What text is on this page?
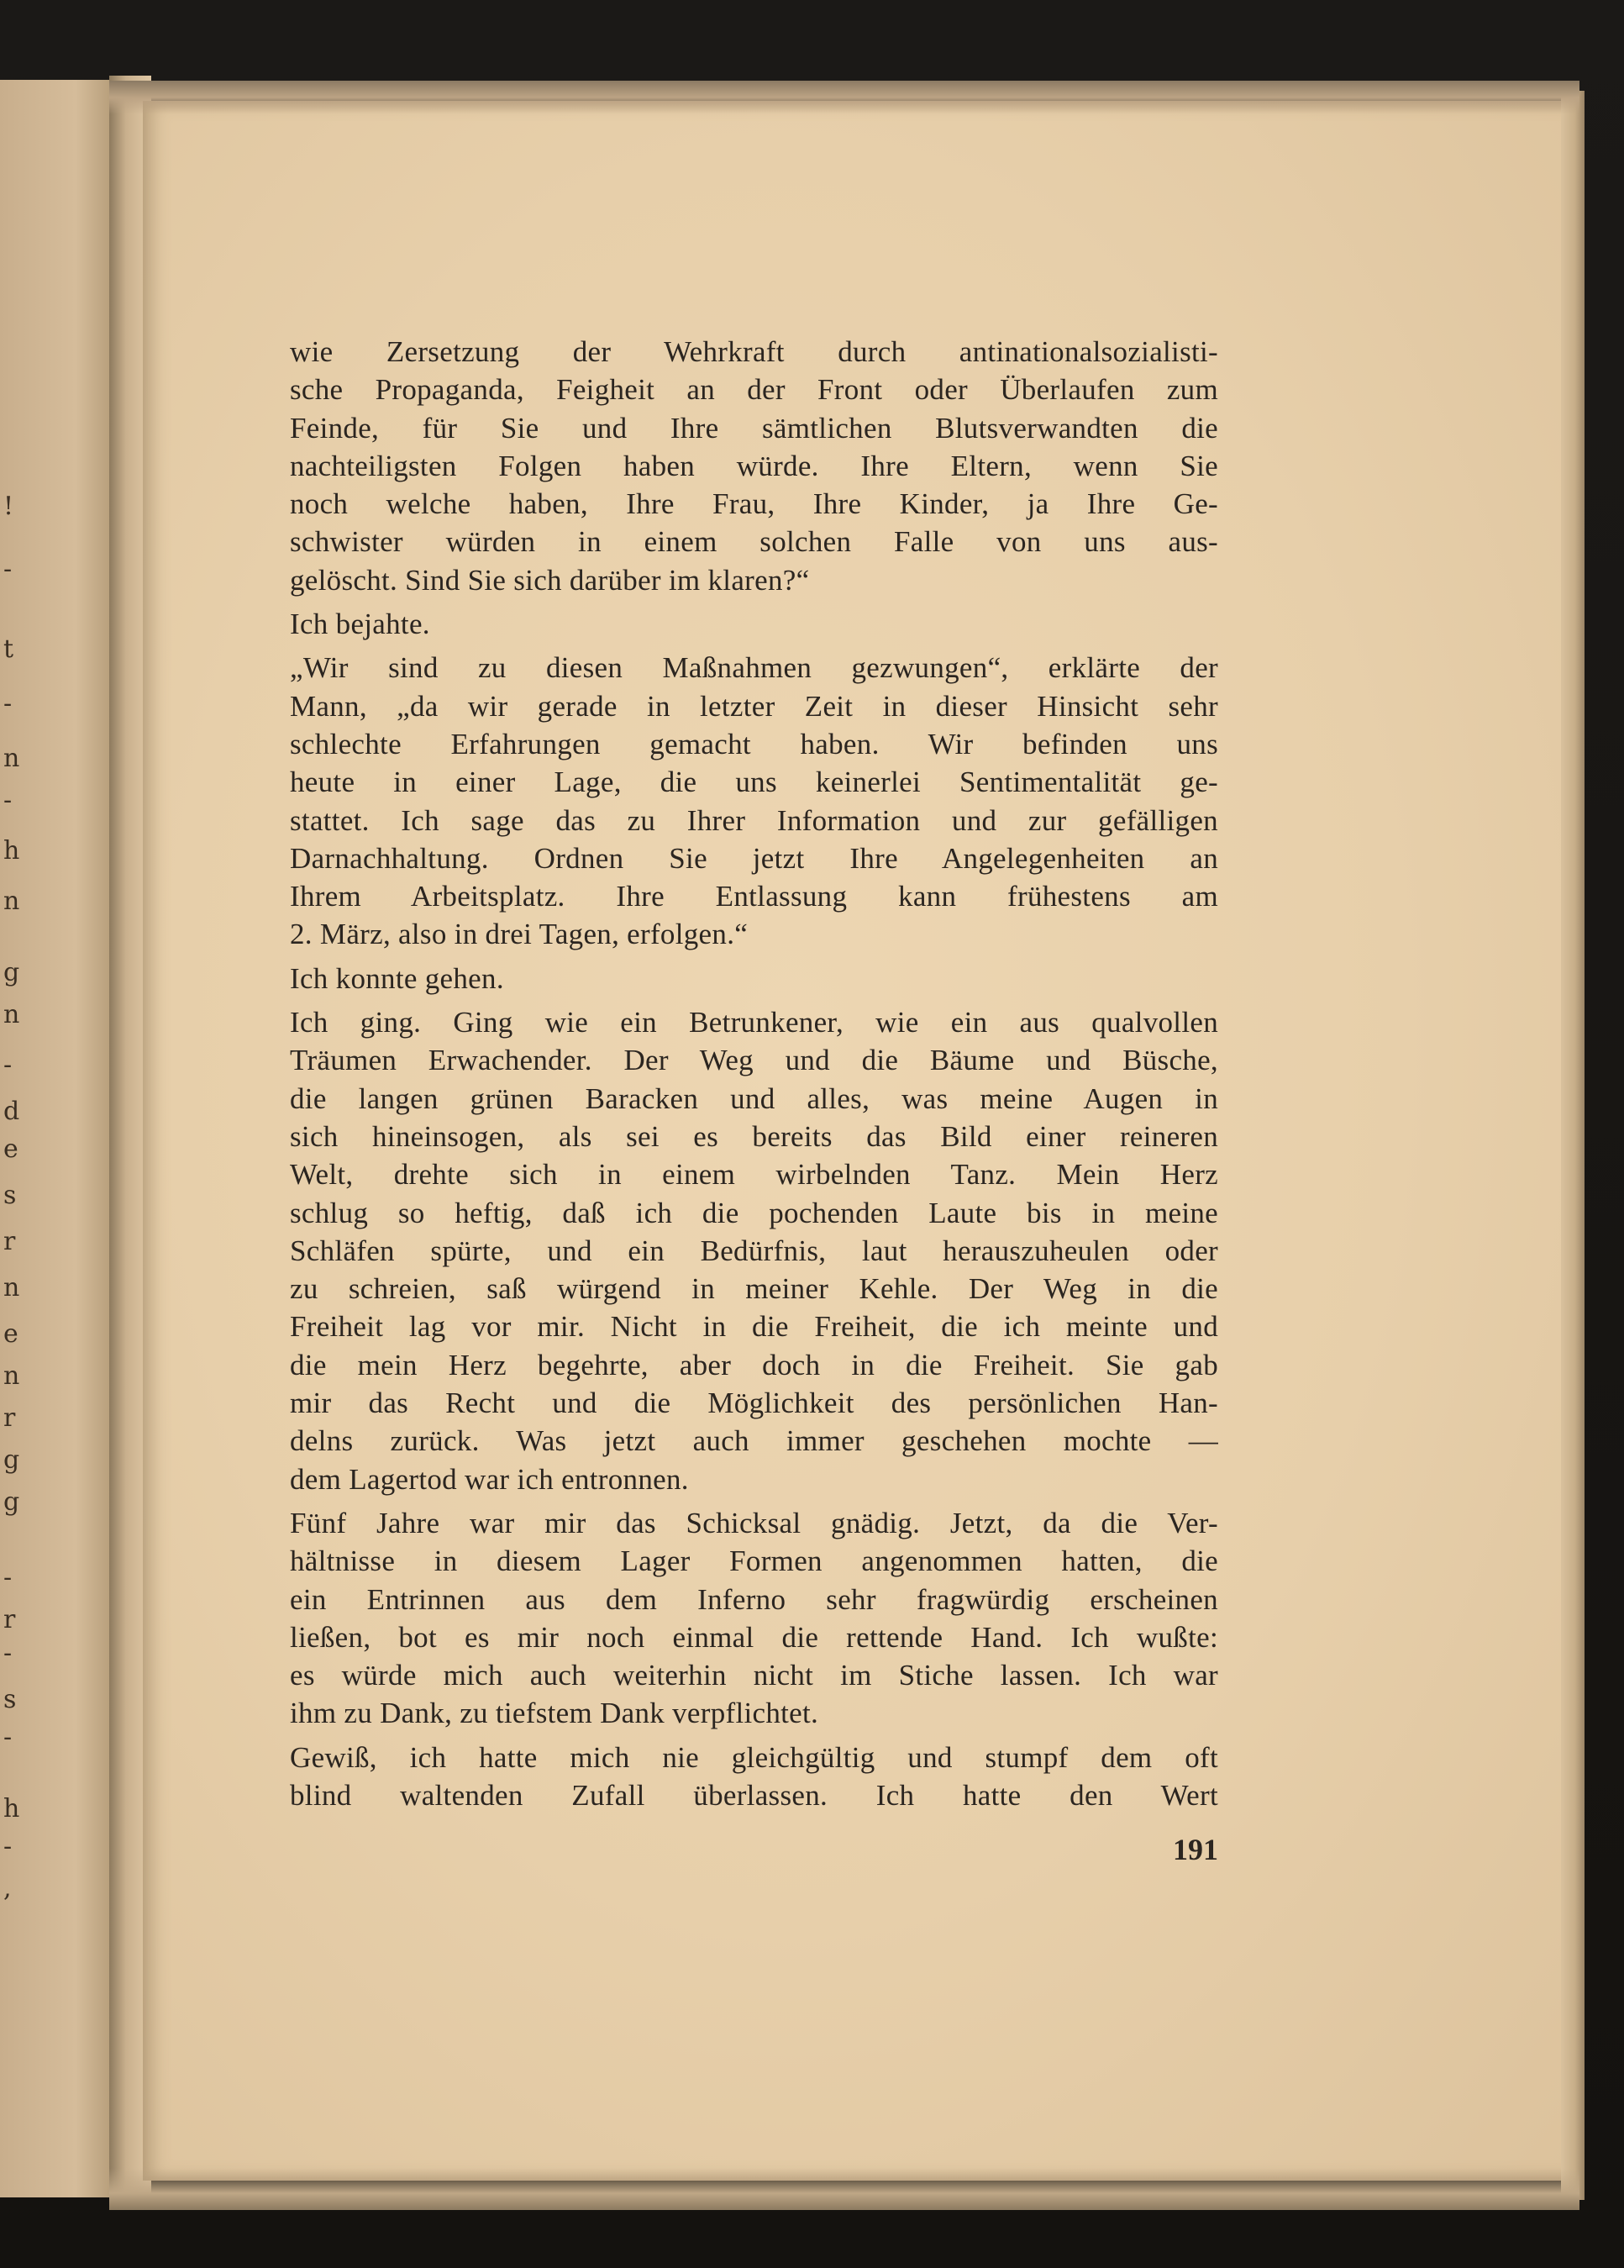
!
-
t
-
n
-
h
n
g
n
-
d
e
s
r
n
e
n
r
g
g
-
r
-
s
-
h
-
,
wie Zersetzung der Wehrkraft durch antinationalsozialisti-
sche Propaganda, Feigheit an der Front oder Überlaufen zum
Feinde, für Sie und Ihre sämtlichen Blutsverwandten die
nachteiligsten Folgen haben würde. Ihre Eltern, wenn Sie
noch welche haben, Ihre Frau, Ihre Kinder, ja Ihre Ge-
schwister würden in einem solchen Falle von uns aus-
gelöscht. Sind Sie sich darüber im klaren?“
Ich bejahte.
„Wir sind zu diesen Maßnahmen gezwungen“, erklärte der
Mann, „da wir gerade in letzter Zeit in dieser Hinsicht sehr
schlechte Erfahrungen gemacht haben. Wir befinden uns
heute in einer Lage, die uns keinerlei Sentimentalität ge-
stattet. Ich sage das zu Ihrer Information und zur gefälligen
Darnachhaltung. Ordnen Sie jetzt Ihre Angelegenheiten an
Ihrem Arbeitsplatz. Ihre Entlassung kann frühestens am
2. März, also in drei Tagen, erfolgen.“
Ich konnte gehen.
Ich ging. Ging wie ein Betrunkener, wie ein aus qualvollen
Träumen Erwachender. Der Weg und die Bäume und Büsche,
die langen grünen Baracken und alles, was meine Augen in
sich hineinsogen, als sei es bereits das Bild einer reineren
Welt, drehte sich in einem wirbelnden Tanz. Mein Herz
schlug so heftig, daß ich die pochenden Laute bis in meine
Schläfen spürte, und ein Bedürfnis, laut herauszuheulen oder
zu schreien, saß würgend in meiner Kehle. Der Weg in die
Freiheit lag vor mir. Nicht in die Freiheit, die ich meinte und
die mein Herz begehrte, aber doch in die Freiheit. Sie gab
mir das Recht und die Möglichkeit des persönlichen Han-
delns zurück. Was jetzt auch immer geschehen mochte —
dem Lagertod war ich entronnen.
Fünf Jahre war mir das Schicksal gnädig. Jetzt, da die Ver-
hältnisse in diesem Lager Formen angenommen hatten, die
ein Entrinnen aus dem Inferno sehr fragwürdig erscheinen
ließen, bot es mir noch einmal die rettende Hand. Ich wußte:
es würde mich auch weiterhin nicht im Stiche lassen. Ich war
ihm zu Dank, zu tiefstem Dank verpflichtet.
Gewiß, ich hatte mich nie gleichgültig und stumpf dem oft
blind waltenden Zufall überlassen. Ich hatte den Wert
191
